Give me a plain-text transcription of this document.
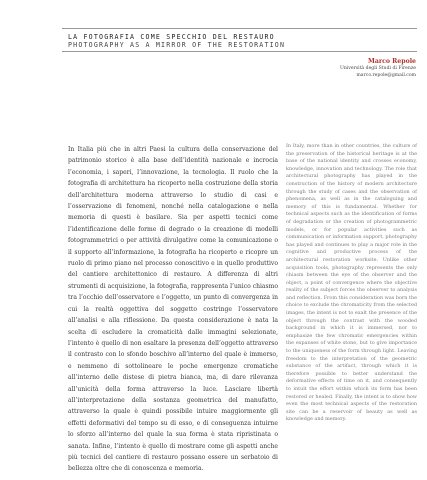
LA FOTOGRAFIA COME SPECCHIO DEL RESTAURO
PHOTOGRAPHY AS A MIRROR OF THE RESTORATION
Marco Repole
Università degli Studi di Firenze
marco.repole@gmail.com
In Italia più che in altri Paesi la cultura della conservazione del patrimonio storico è alla base dell’identità nazionale e incrocia l’economia, i saperi, l’innovazione, la tecnologia. Il ruolo che la fotografia di architettura ha ricoperto nella costruzione della storia dell’architettura moderna attraverso lo studio di casi e l’osservazione di fenomeni, nonché nella catalogazione e nella memoria di questi è basilare. Sia per aspetti tecnici come l’identificazione delle forme di degrado o la creazione di modelli fotogrammetrici o per attività divulgative come la comunicazione o il supporto all’informazione, la fotografia ha ricoperto e ricopre un ruolo di primo piano nel processo conoscitivo e in quello produttivo del cantiere architettonico di restauro. A differenza di altri strumenti di acquisizione, la fotografia, rappresenta l’unico chiasmo tra l’occhio dell’osservatore e l’oggetto, un punto di convergenza in cui la realtà oggettiva del soggetto costringe l’osservatore all’analisi e alla riflessione. Da questa considerazione è nata la scelta di escludere la cromaticità dalle immagini selezionate, l’intento è quello di non esaltare la presenza dell’oggetto attraverso il contrasto con lo sfondo boschivo all’interno del quale è immerso, e nemmeno di sottolineare le poche emergenze cromatiche all’interno delle distese di pietra bianca, ma, di dare rilevanza all’unicità della forma attraverso la luce. Lasciare libertà all’interpretazione della sostanza geometrica del manufatto, attraverso la quale è quindi possibile intuire maggiormente gli effetti deformativi del tempo su di esso, e di conseguenza intuirne lo sforzo all’interno del quale la sua forma è stata ripristinata o sanata. Infine, l’intento è quello di mostrare come gli aspetti anche più tecnici del cantiere di restauro possano essere un serbatoio di bellezza oltre che di conoscenza e memoria.
In Italy, more than in other countries, the culture of the preservation of the historical heritage is at the base of the national identity and crosses economy, knowledge, innovation and technology. The role that architectural photography has played in the construction of the history of modern architecture through the study of cases and the observation of phenomena, as well as in the cataloguing and memory of this is fundamental. Whether for technical aspects such as the identification of forms of degradation or the creation of photogrammetric models, or for popular activities such as communication or information support, photography has played and continues to play a major role in the cognitive and productive process of the architectural restoration worksite. Unlike other acquisition tools, photography represents the only chiasm between the eye of the observer and the object, a point of convergence where the objective reality of the subject forces the observer to analysis and reflection. From this consideration was born the choice to exclude the chromaticity from the selected images, the intent is not to exalt the presence of the object through the contrast with the wooded background in which it is immersed, nor to emphasize the few chromatic emergencies within the expanses of white stone, but to give importance to the uniqueness of the form through light. Leaving freedom to the interpretation of the geometric substance of the artifact, through which it is therefore possible to better understand the deformative effects of time on it, and consequently to intuit the effort within which its form has been restored or healed. Finally, the intent is to show how even the most technical aspects of the restoration site can be a reservoir of beauty as well as knowledge and memory.
